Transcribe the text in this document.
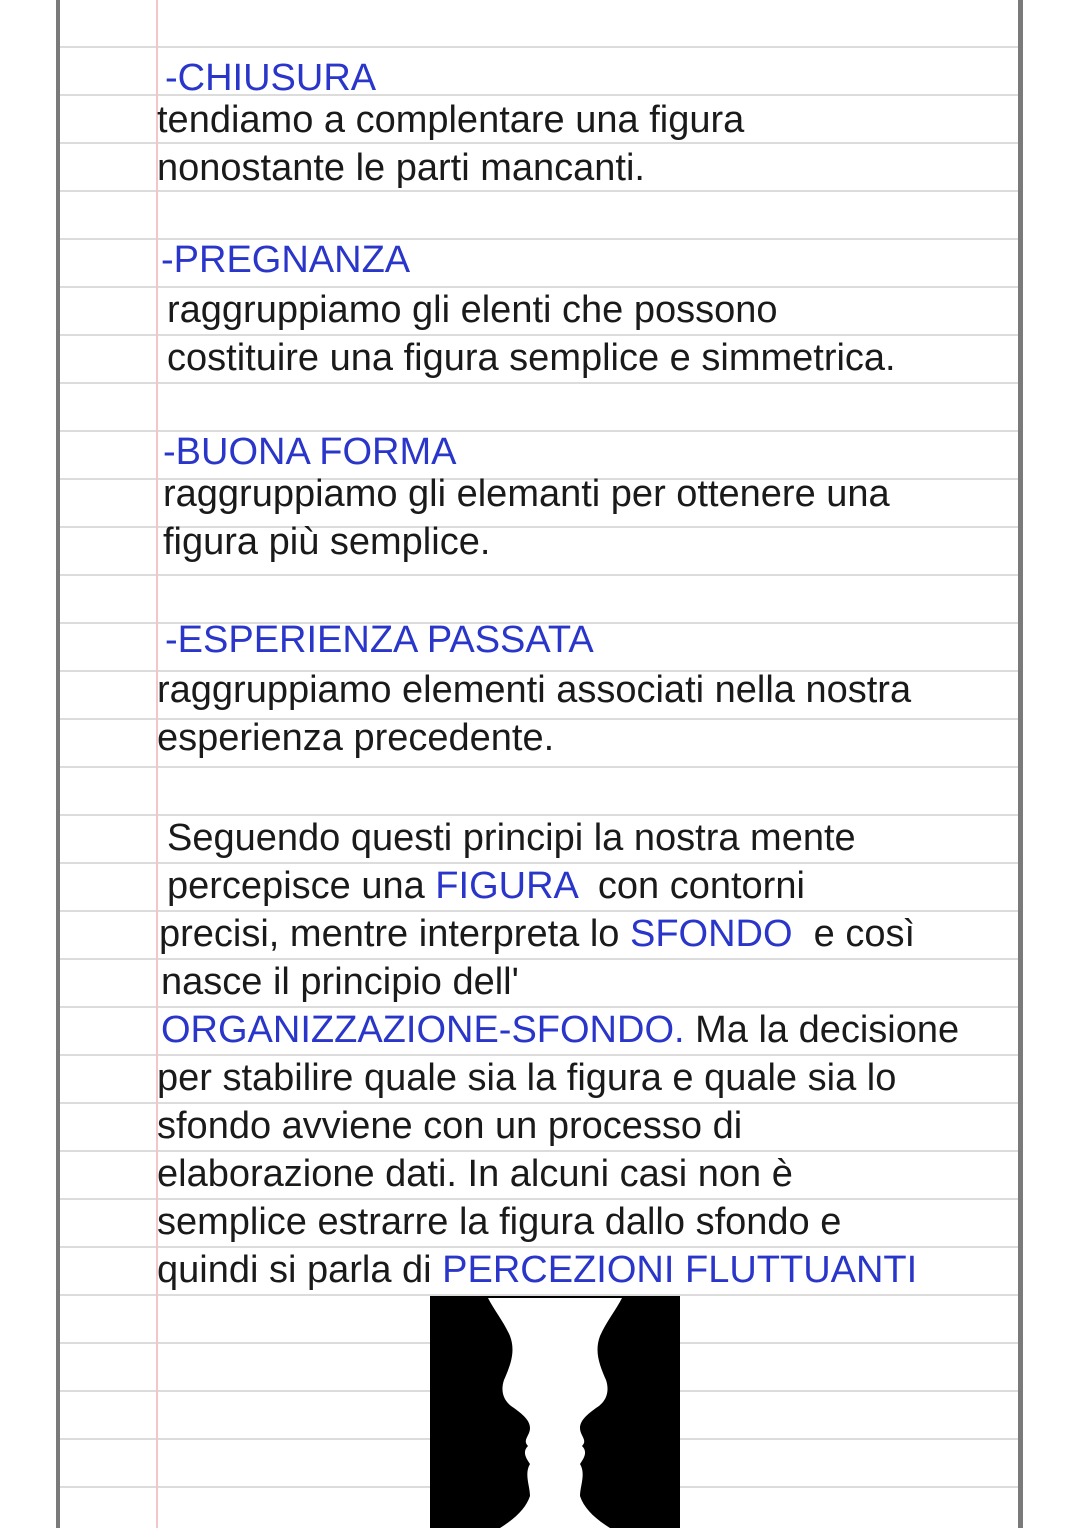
-CHIUSURA
tendiamo a complentare una figura
nonostante le parti mancanti.
-PREGNANZA
raggruppiamo gli elenti che possono
costituire una figura semplice e simmetrica.
-BUONA FORMA
raggruppiamo gli elemanti per ottenere una
figura più semplice.
-ESPERIENZA PASSATA
raggruppiamo elementi associati nella nostra
esperienza precedente.
Seguendo questi principi la nostra mente
percepisce una FIGURA  con contorni
precisi, mentre interpreta lo SFONDO  e così
nasce il principio dell'
ORGANIZZAZIONE-SFONDO. Ma la decisione
per stabilire quale sia la figura e quale sia lo
sfondo avviene con un processo di
elaborazione dati. In alcuni casi non è
semplice estrarre la figura dallo sfondo e
quindi si parla di PERCEZIONI FLUTTUANTI
